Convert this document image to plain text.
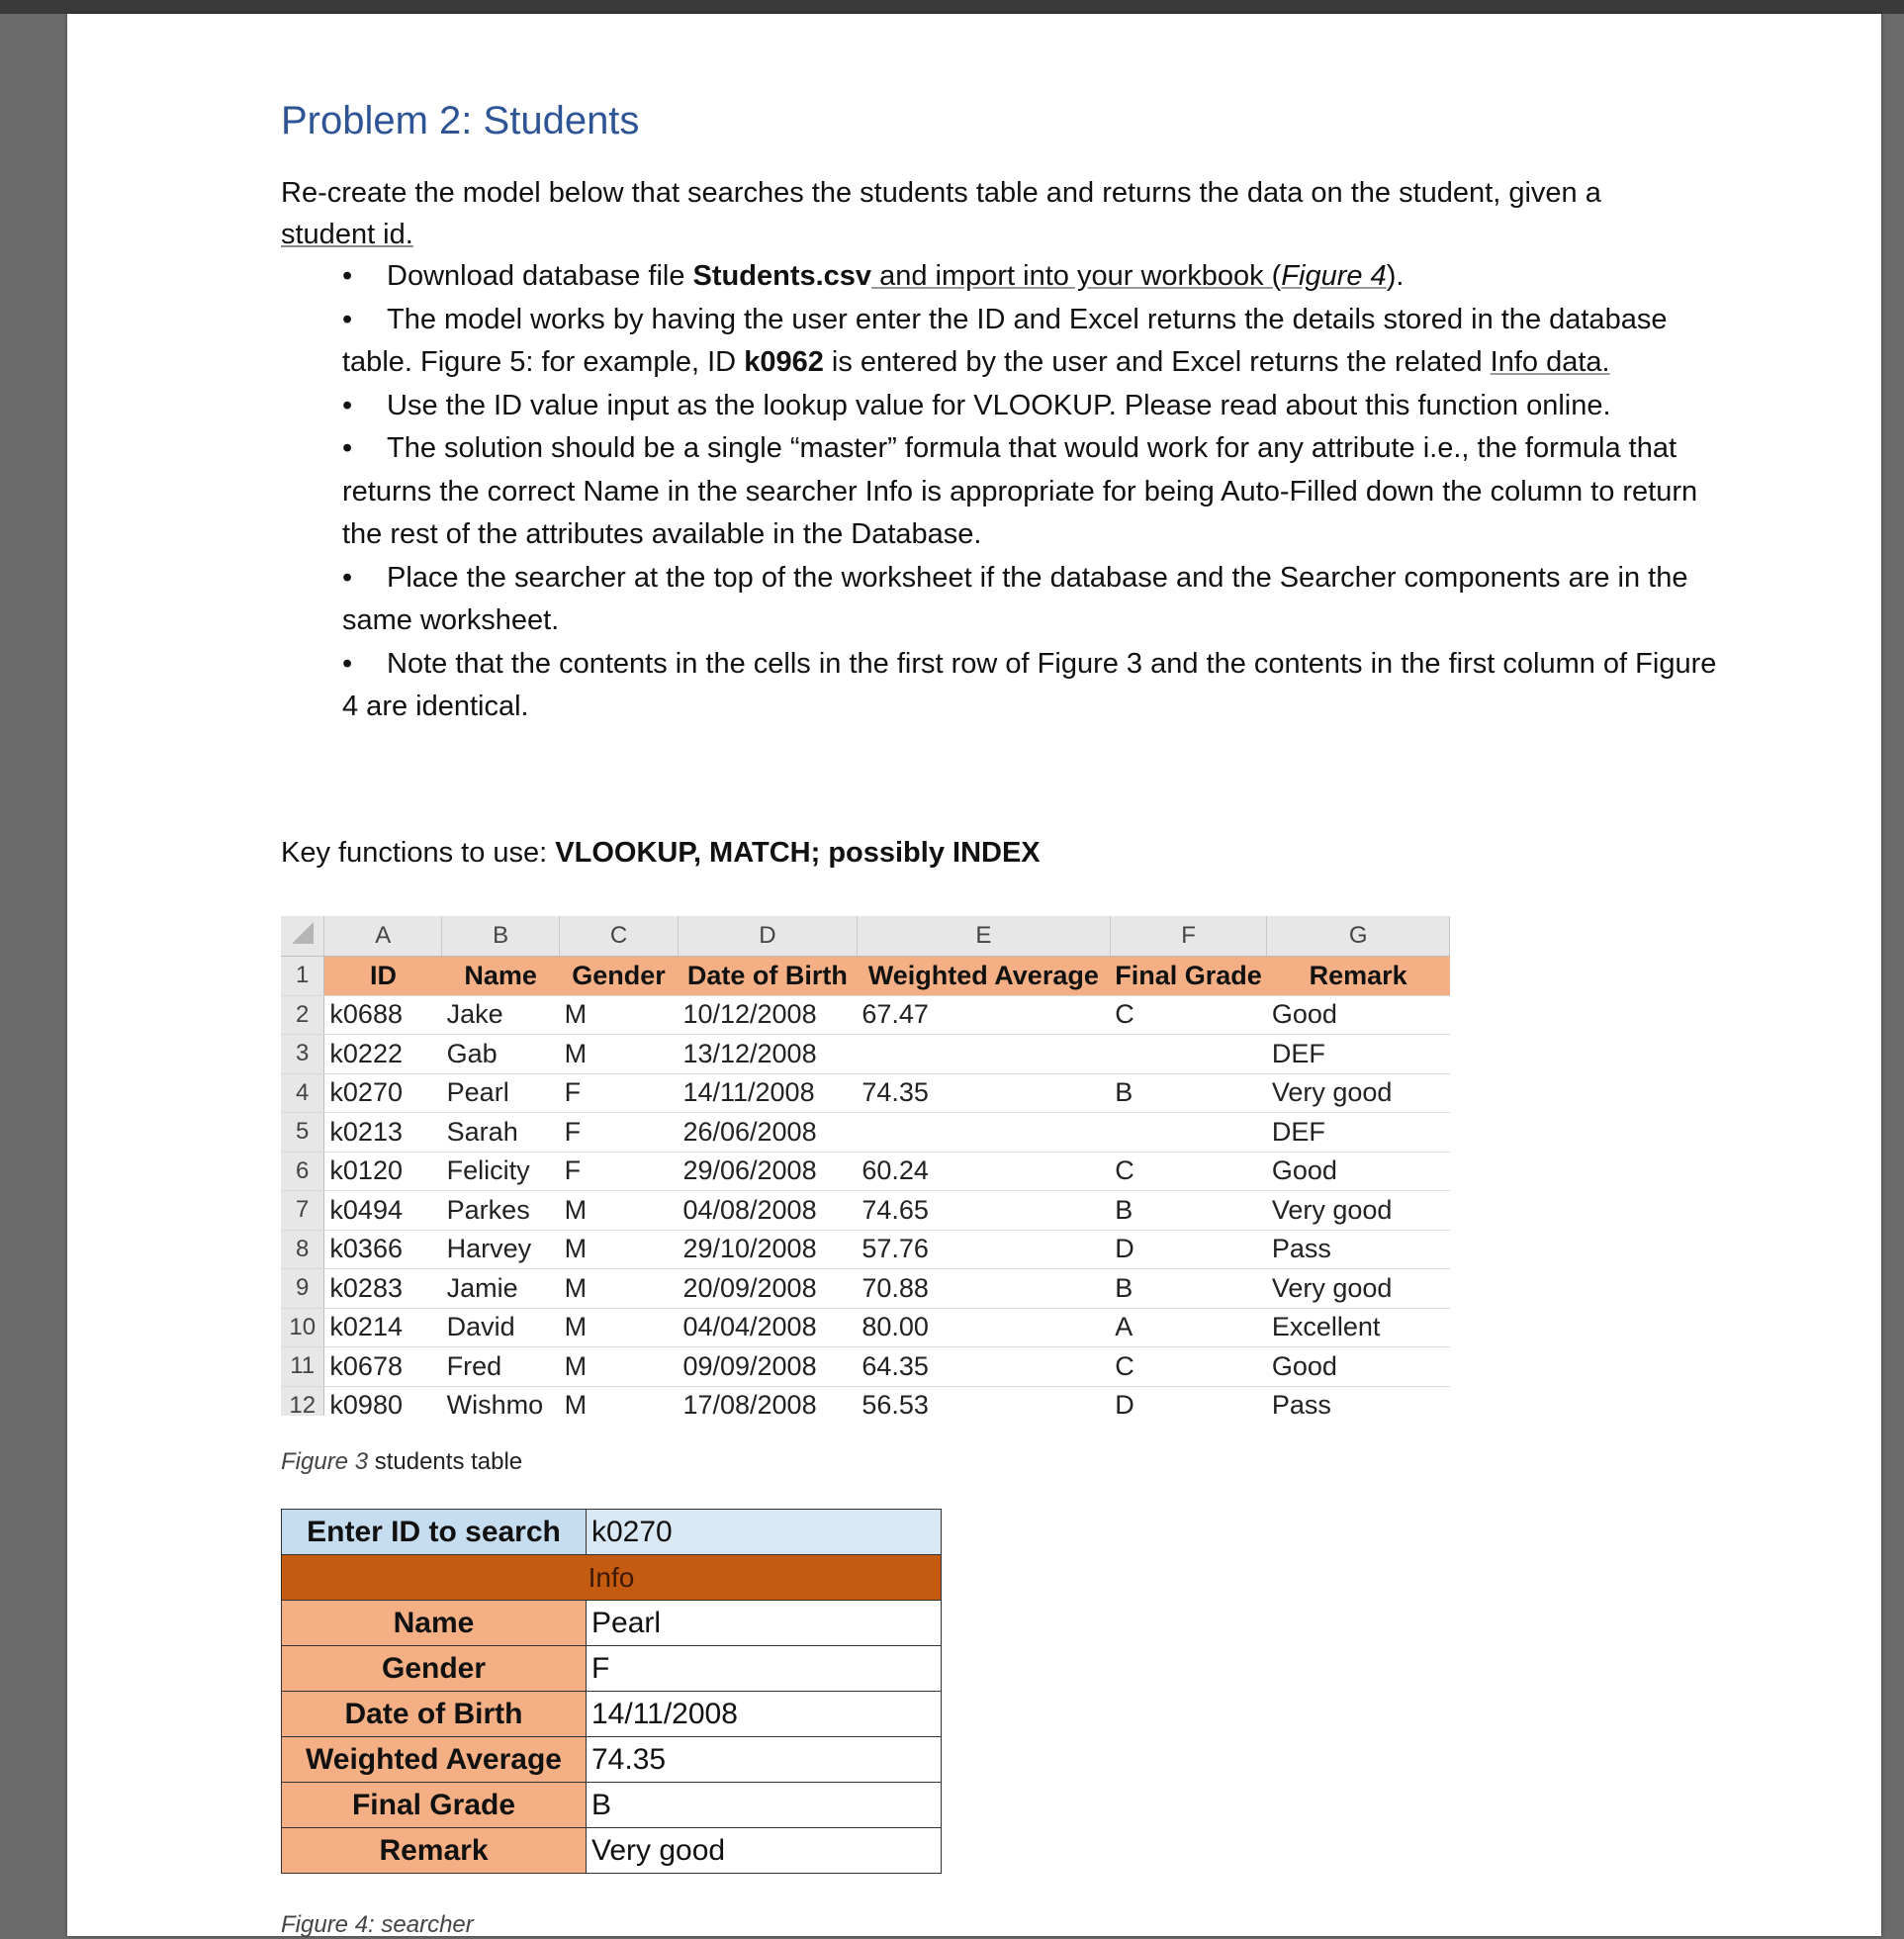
Problem 2: Students
Re-create the model below that searches the students table and returns the data on the student, given a
student id.
• Download database file Students.csv and import into your workbook (Figure 4).
• The model works by having the user enter the ID and Excel returns the details stored in the database table. Figure 5: for example, ID k0962 is entered by the user and Excel returns the related Info data.
• Use the ID value input as the lookup value for VLOOKUP. Please read about this function online.
• The solution should be a single “master” formula that would work for any attribute i.e., the formula that returns the correct Name in the searcher Info is appropriate for being Auto-Filled down the column to return the rest of the attributes available in the Database.
• Place the searcher at the top of the worksheet if the database and the Searcher components are in the same worksheet.
• Note that the contents in the cells in the first row of Figure 3 and the contents in the first column of Figure 4 are identical.
Key functions to use: VLOOKUP, MATCH; possibly INDEX
	A	B	C	D	E	F	G
1	ID	Name	Gender	Date of Birth	Weighted Average	Final Grade	Remark
2	k0688	Jake	M	10/12/2008	67.47	C	Good
3	k0222	Gab	M	13/12/2008			DEF
4	k0270	Pearl	F	14/11/2008	74.35	B	Very good
5	k0213	Sarah	F	26/06/2008			DEF
6	k0120	Felicity	F	29/06/2008	60.24	C	Good
7	k0494	Parkes	M	04/08/2008	74.65	B	Very good
8	k0366	Harvey	M	29/10/2008	57.76	D	Pass
9	k0283	Jamie	M	20/09/2008	70.88	B	Very good
10	k0214	David	M	04/04/2008	80.00	A	Excellent
11	k0678	Fred	M	09/09/2008	64.35	C	Good
12	k0980	Wishmo	M	17/08/2008	56.53	D	Pass
Figure 3 students table
Enter ID to search	k0270
Info	
Name	Pearl
Gender	F
Date of Birth	14/11/2008
Weighted Average	74.35
Final Grade	B
Remark	Very good
Figure 4: searcher
